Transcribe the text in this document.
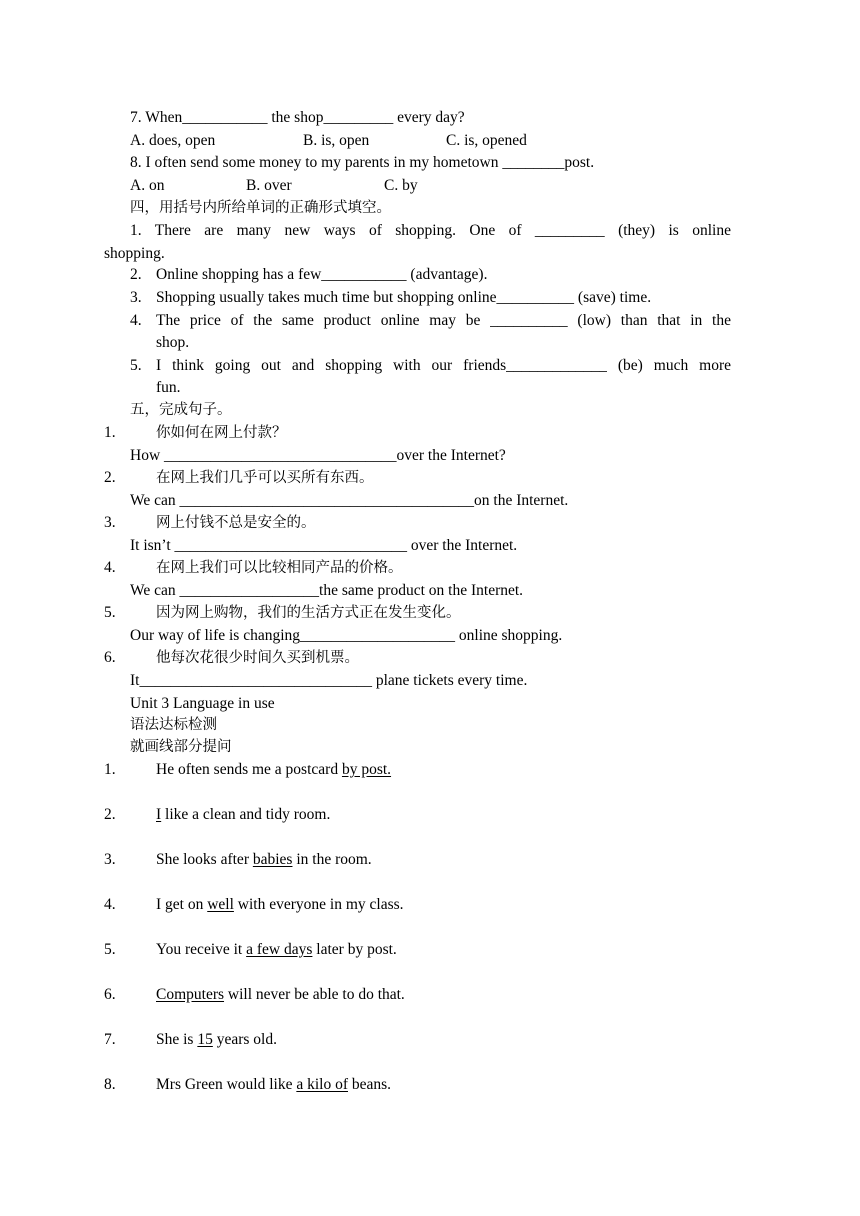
7. When___________ the shop_________ every day?
A. does, open	B. is, open	C. is, opened
8. I often send some money to my parents in my hometown ________post.
A. on	B. over	C. by
四，用括号内所给单词的正确形式填空。
1. There are many new ways of shopping. One of _________ (they) is online
shopping.
2. Online shopping has a few___________ (advantage).
3. Shopping usually takes much time but shopping online__________ (save) time.
4. The price of the same product online may be __________ (low) than that in the
shop.
5. I think going out and shopping with our friends_____________ (be) much more
fun.
五，完成句子。
1.	你如何在网上付款？
How ______________________________over the Internet?
2.	在网上我们几乎可以买所有东西。
We can ______________________________________on the Internet.
3.	网上付钱不总是安全的。
It isn’t ______________________________ over the Internet.
4.	在网上我们可以比较相同产品的价格。
We can __________________the same product on the Internet.
5.	因为网上购物，我们的生活方式正在发生变化。
Our way of life is changing____________________ online shopping.
6.	他每次花很少时间久买到机票。
It______________________________ plane tickets every time.
Unit 3 Language in use
语法达标检测
就画线部分提问
1.	He often sends me a postcard by post.
2.	I like a clean and tidy room.
3.	She looks after babies in the room.
4.	I get on well with everyone in my class.
5.	You receive it a few days later by post.
6.	Computers will never be able to do that.
7.	She is 15 years old.
8.	Mrs Green would like a kilo of beans.
